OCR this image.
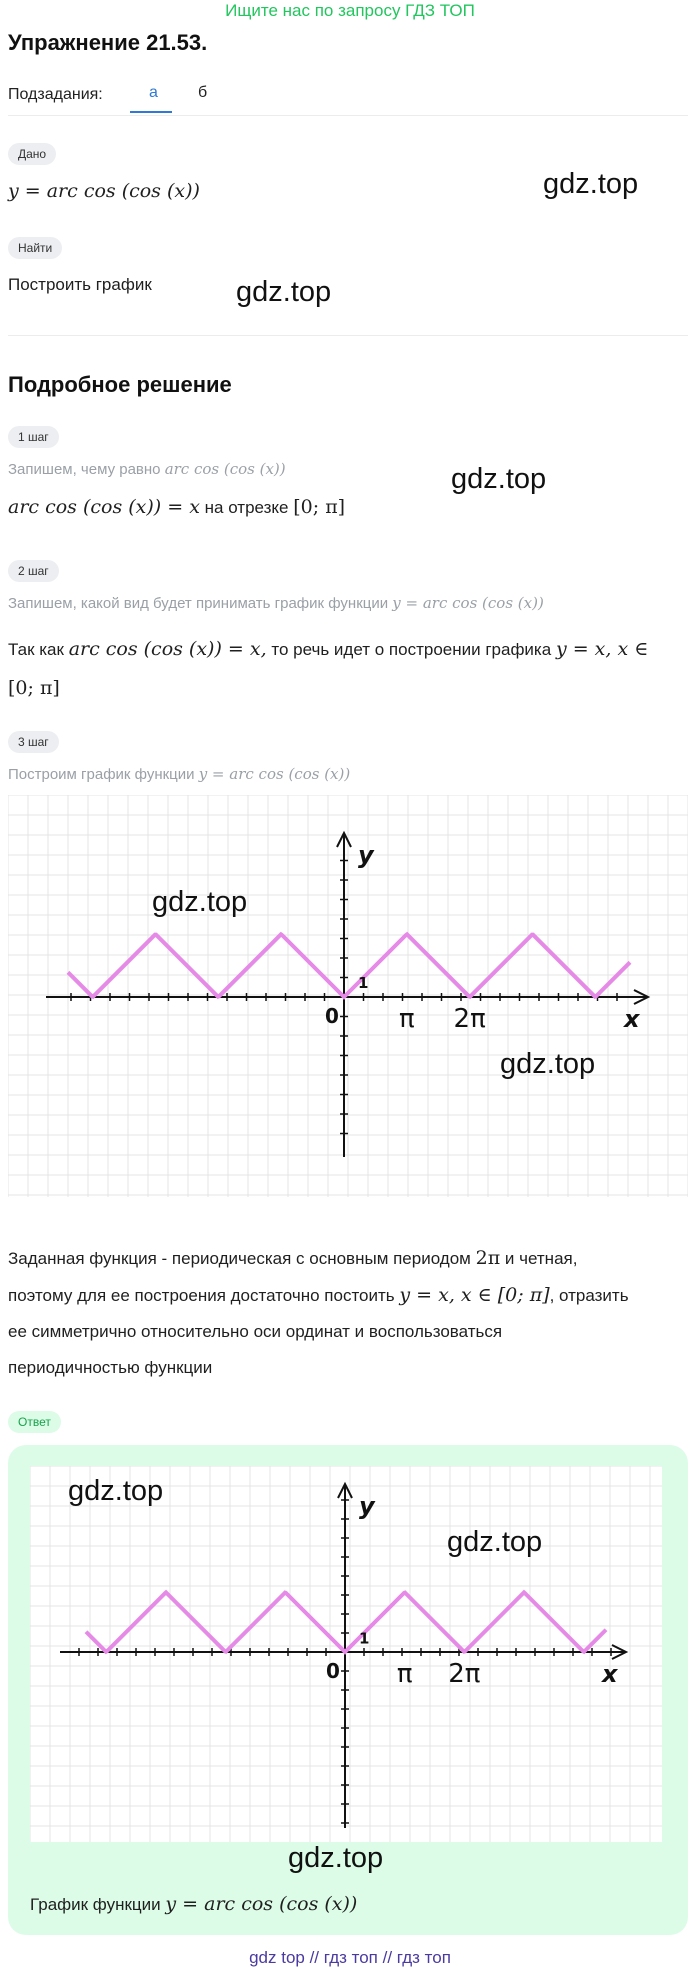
Ищите нас по запросу ГДЗ ТОП
Упражнение 21.53.
Подзадания:	а	б
Дано
y = arc cos (cos (x))	gdz.top
Найти
Построить график	gdz.top
Подробное решение
1 шаг
Запишем, чему равно arc cos (cos (x))
arc cos (cos (x)) = x на отрезке [0; π]
gdz.top
2 шаг
Запишем, какой вид будет принимать график функции y = arc cos (cos (x))
Так как arc cos (cos (x)) = x, то речь идет о построении графика y = x, x ∈
[0; π]
3 шаг
Построим график функции y = arc cos (cos (x))
y
x
0
1
π 2π
gdz.top
gdz.top
Заданная функция - периодическая с основным периодом 2π и четная,
поэтому для ее построения достаточно постоить y = x, x ∈ [0; π], отразить
ее симметрично относительно оси ординат и воспользоваться
периодичностью функции
Ответ
y
x
0
1
π 2π
gdz.top
gdz.top
gdz.top
График функции y = arc cos (cos (x))
gdz top // гдз топ // гдз топ
